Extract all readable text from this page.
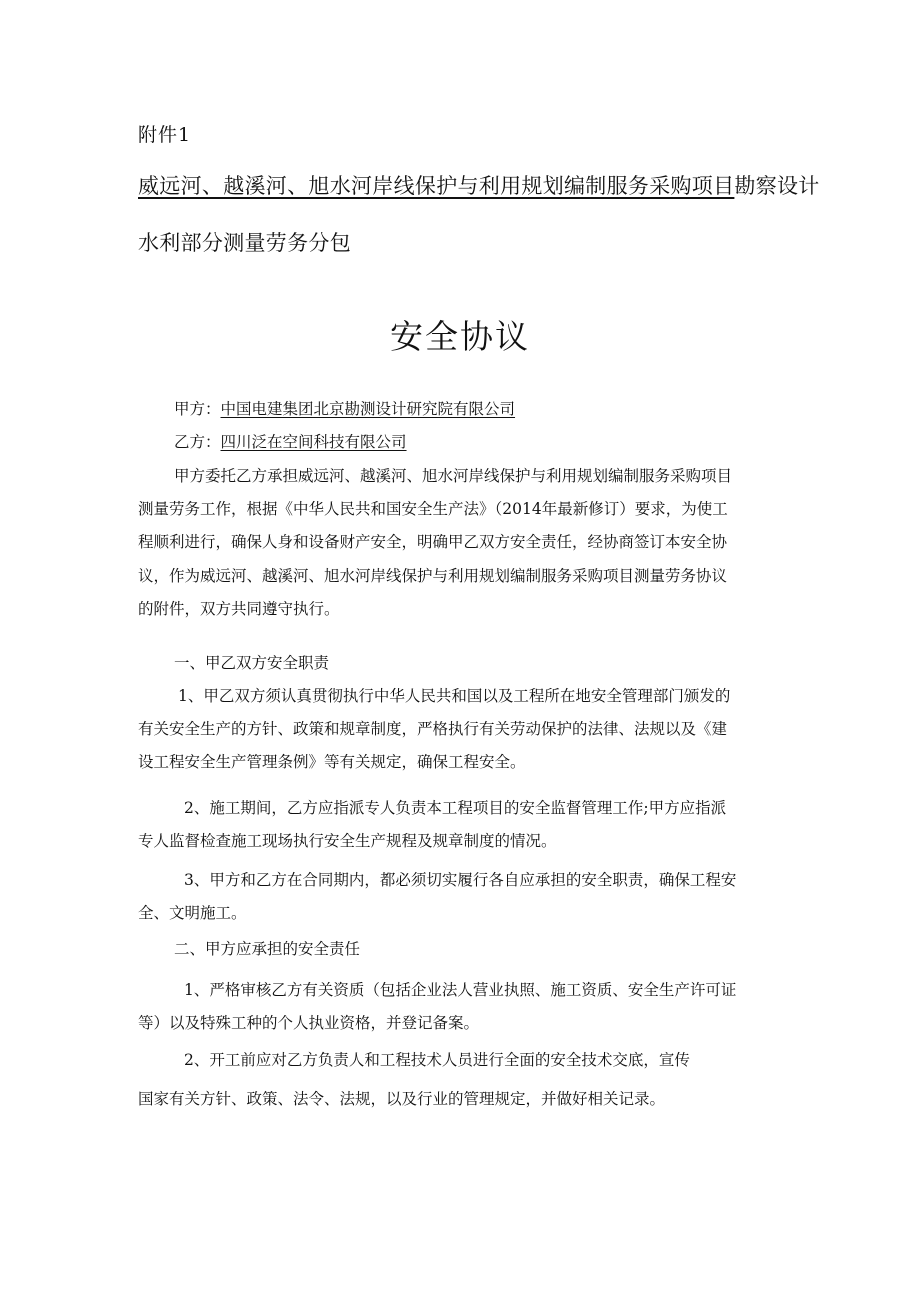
附件1
威远河、越溪河、旭水河岸线保护与利用规划编制服务采购项目勘察设计
水利部分测量劳务分包
安全协议
甲方：中国电建集团北京勘测设计研究院有限公司
乙方：四川泛在空间科技有限公司
甲方委托乙方承担威远河、越溪河、旭水河岸线保护与利用规划编制服务采购项目
测量劳务工作，根据《中华人民共和国安全生产法》（2014年最新修订）要求，为使工
程顺利进行，确保人身和设备财产安全，明确甲乙双方安全责任，经协商签订本安全协
议，作为威远河、越溪河、旭水河岸线保护与利用规划编制服务采购项目测量劳务协议
的附件，双方共同遵守执行。
一、甲乙双方安全职责
1、甲乙双方须认真贯彻执行中华人民共和国以及工程所在地安全管理部门颁发的
有关安全生产的方针、政策和规章制度，严格执行有关劳动保护的法律、法规以及《建
设工程安全生产管理条例》等有关规定，确保工程安全。
2、施工期间，乙方应指派专人负责本工程项目的安全监督管理工作;甲方应指派
专人监督检查施工现场执行安全生产规程及规章制度的情况。
3、甲方和乙方在合同期内，都必须切实履行各自应承担的安全职责，确保工程安
全、文明施工。
二、甲方应承担的安全责任
1、严格审核乙方有关资质（包括企业法人营业执照、施工资质、安全生产许可证
等）以及特殊工种的个人执业资格，并登记备案。
2、开工前应对乙方负责人和工程技术人员进行全面的安全技术交底，宣传
国家有关方针、政策、法令、法规，以及行业的管理规定，并做好相关记录。
